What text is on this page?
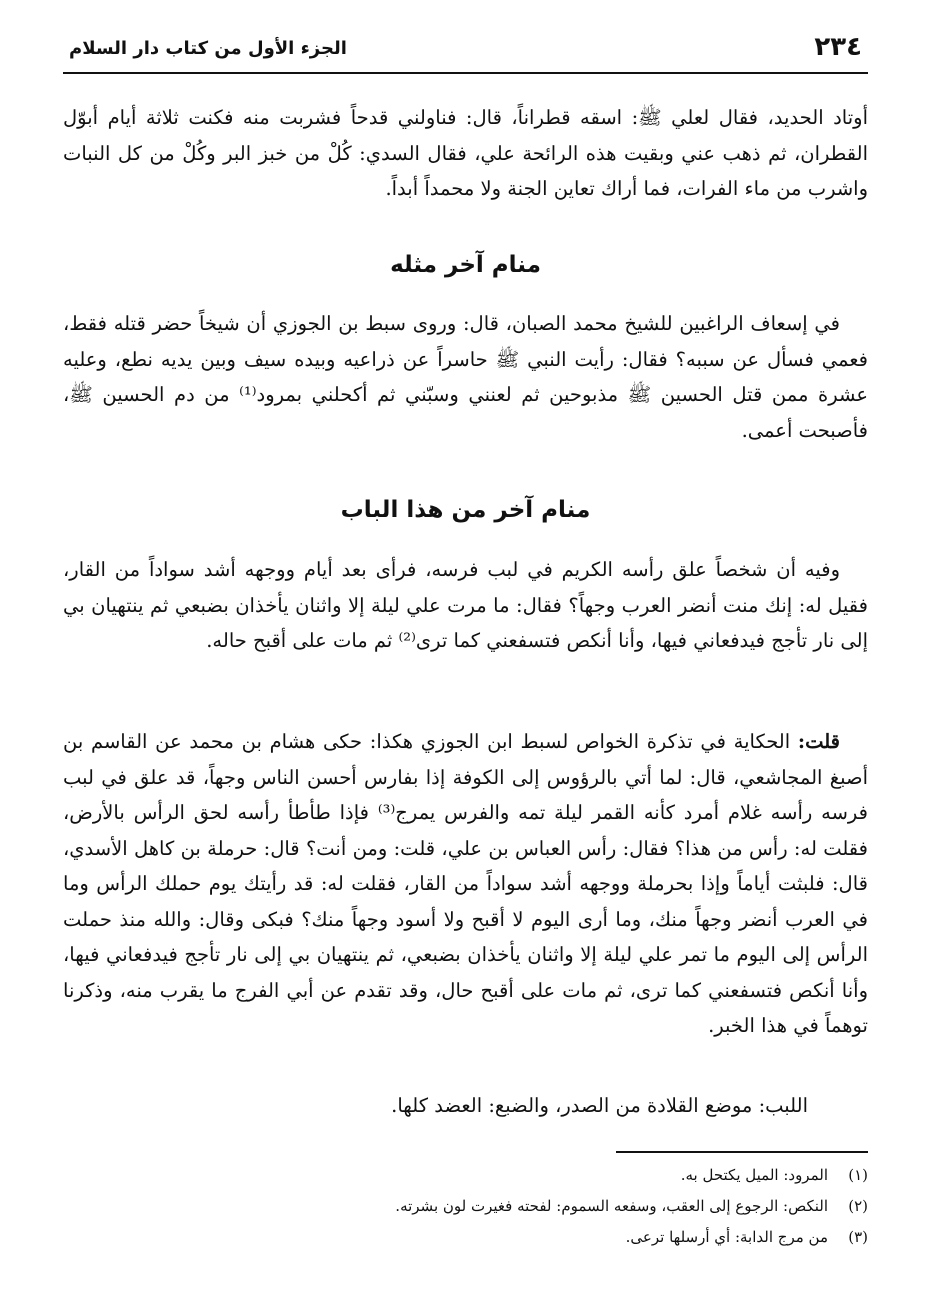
٢٣٤
الجزء الأول من كتاب دار السلام

أوتاد الحديد، فقال لعلي ﷺ: اسقه قطراناً، قال: فناولني قدحاً فشربت منه فكنت ثلاثة أيام أبوّل القطران، ثم ذهب عني وبقيت هذه الرائحة علي، فقال السدي: كُلْ من خبز البر وكُلْ من كل النبات واشرب من ماء الفرات، فما أراك تعاين الجنة ولا محمداً أبداً.

منام آخر مثله

في إسعاف الراغبين للشيخ محمد الصبان، قال: وروى سبط بن الجوزي أن شيخاً حضر قتله فقط، فعمي فسأل عن سببه؟ فقال: رأيت النبي ﷺ حاسراً عن ذراعيه وبيده سيف وبين يديه نطع، وعليه عشرة ممن قتل الحسين ﷺ مذبوحين ثم لعنني وسبّني ثم أكحلني بمرود⁽¹⁾ من دم الحسين ﷺ، فأصبحت أعمى.

منام آخر من هذا الباب

وفيه أن شخصاً علق رأسه الكريم في لبب فرسه، فرأى بعد أيام ووجهه أشد سواداً من القار، فقيل له: إنك منت أنضر العرب وجهاً؟ فقال: ما مرت علي ليلة إلا واثنان يأخذان بضبعي ثم ينتهيان بي إلى نار تأجج فيدفعاني فيها، وأنا أنكص فتسفعني كما ترى⁽²⁾ ثم مات على أقبح حاله.

قلت: الحكاية في تذكرة الخواص لسبط ابن الجوزي هكذا: حكى هشام بن محمد عن القاسم بن أصبغ المجاشعي، قال: لما أتي بالرؤوس إلى الكوفة إذا بفارس أحسن الناس وجهاً، قد علق في لبب فرسه رأسه غلام أمرد كأنه القمر ليلة تمه والفرس يمرج⁽³⁾ فإذا طأطأ رأسه لحق الرأس بالأرض، فقلت له: رأس من هذا؟ فقال: رأس العباس بن علي، قلت: ومن أنت؟ قال: حرملة بن كاهل الأسدي، قال: فلبثت أياماً وإذا بحرملة ووجهه أشد سواداً من القار، فقلت له: قد رأيتك يوم حملك الرأس وما في العرب أنضر وجهاً منك، وما أرى اليوم لا أقبح ولا أسود وجهاً منك؟ فبكى وقال: والله منذ حملت الرأس إلى اليوم ما تمر علي ليلة إلا واثنان يأخذان بضبعي، ثم ينتهيان بي إلى نار تأجج فيدفعاني فيها، وأنا أنكص فتسفعني كما ترى، ثم مات على أقبح حال، وقد تقدم عن أبي الفرج ما يقرب منه، وذكرنا توهماً في هذا الخبر.

اللبب: موضع القلادة من الصدر، والضبع: العضد كلها.

(١)المرود: الميل يكتحل به.
(٢)النكص: الرجوع إلى العقب، وسفعه السموم: لفحته فغيرت لون بشرته.
(٣)من مرج الدابة: أي أرسلها ترعى.
